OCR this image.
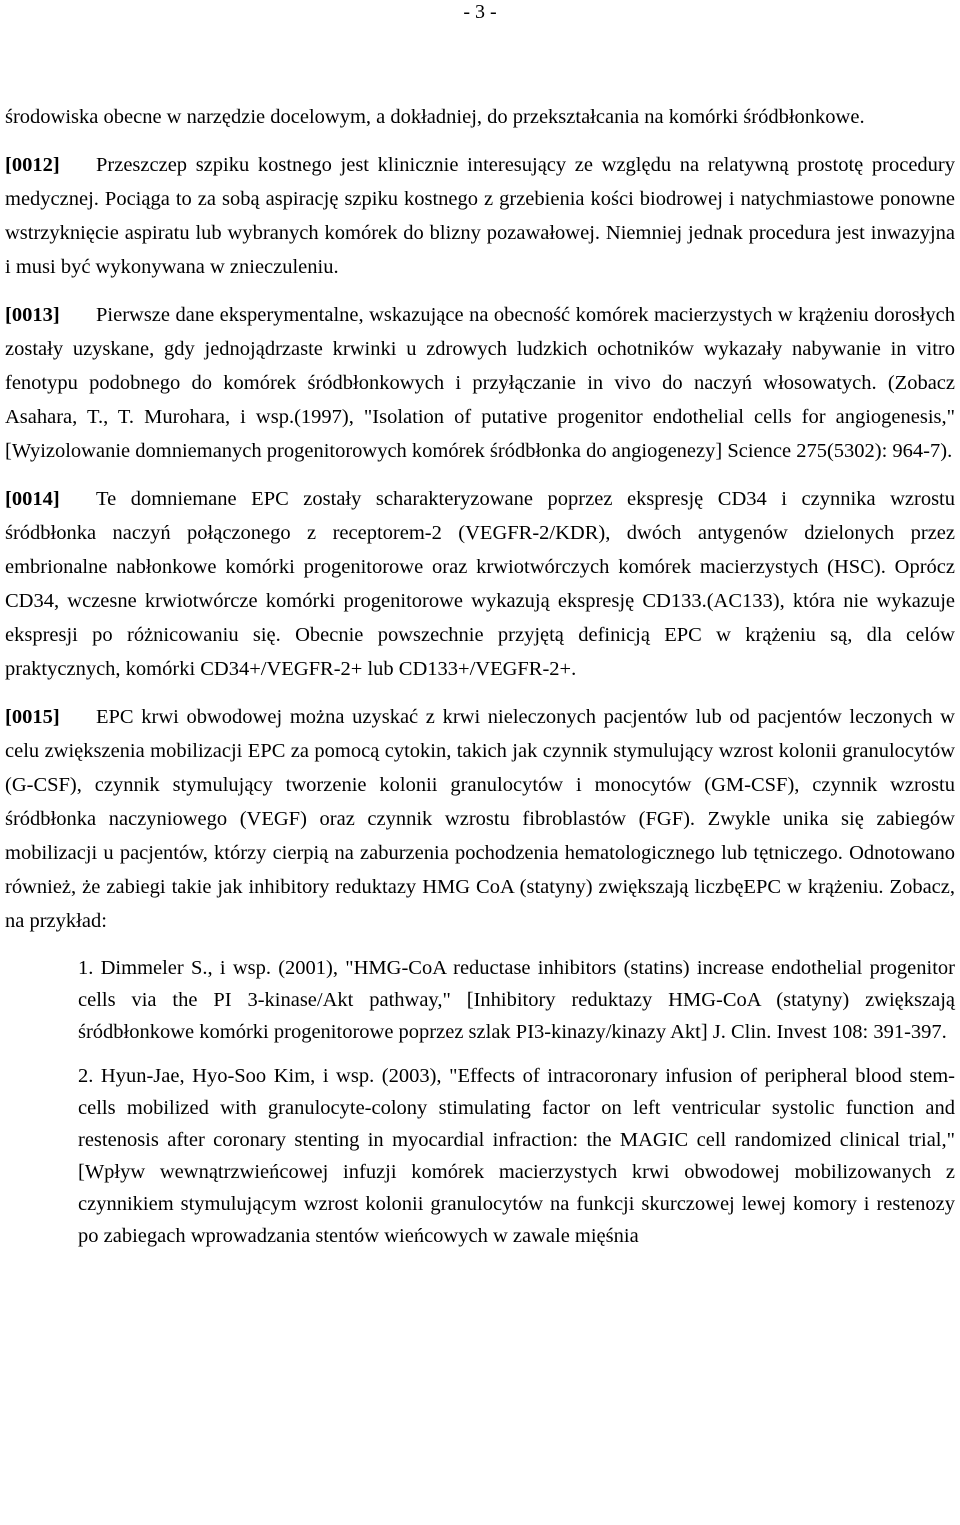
- 3 -

środowiska obecne w narzędzie docelowym, a dokładniej, do przekształcania na komórki śródbłonkowe.

[0012] Przeszczep szpiku kostnego jest klinicznie interesujący ze względu na relatywną prostotę procedury medycznej. Pociąga to za sobą aspirację szpiku kostnego z grzebienia kości biodrowej i natychmiastowe ponowne wstrzyknięcie aspiratu lub wybranych komórek do blizny pozawałowej. Niemniej jednak procedura jest inwazyjna i musi być wykonywana w znieczuleniu.

[0013] Pierwsze dane eksperymentalne, wskazujące na obecność komórek macierzystych w krążeniu dorosłych zostały uzyskane, gdy jednojądrzaste krwinki u zdrowych ludzkich ochotników wykazały nabywanie in vitro fenotypu podobnego do komórek śródbłonkowych i przyłączanie in vivo do naczyń włosowatych. (Zobacz Asahara, T., T. Murohara, i wsp.(1997), "Isolation of putative progenitor endothelial cells for angiogenesis," [Wyizolowanie domniemanych progenitorowych komórek śródbłonka do angiogenezy] Science 275(5302): 964-7).

[0014] Te domniemane EPC zostały scharakteryzowane poprzez ekspresję CD34 i czynnika wzrostu śródbłonka naczyń połączonego z receptorem-2 (VEGFR-2/KDR), dwóch antygenów dzielonych przez embrionalne nabłonkowe komórki progenitorowe oraz krwiotwórczych komórek macierzystych (HSC). Oprócz CD34, wczesne krwiotwórcze komórki progenitorowe wykazują ekspresję CD133.(AC133), która nie wykazuje ekspresji po różnicowaniu się. Obecnie powszechnie przyjętą definicją EPC w krążeniu są, dla celów praktycznych, komórki CD34+/VEGFR-2+ lub CD133+/VEGFR-2+.

[0015] EPC krwi obwodowej można uzyskać z krwi nieleczonych pacjentów lub od pacjentów leczonych w celu zwiększenia mobilizacji EPC za pomocą cytokin, takich jak czynnik stymulujący wzrost kolonii granulocytów (G-CSF), czynnik stymulujący tworzenie kolonii granulocytów i monocytów (GM-CSF), czynnik wzrostu śródbłonka naczyniowego (VEGF) oraz czynnik wzrostu fibroblastów (FGF). Zwykle unika się zabiegów mobilizacji u pacjentów, którzy cierpią na zaburzenia pochodzenia hematologicznego lub tętniczego. Odnotowano również, że zabiegi takie jak inhibitory reduktazy HMG CoA (statyny) zwiększają liczbęEPC w krążeniu. Zobacz, na przykład:

1. Dimmeler S., i wsp. (2001), "HMG-CoA reductase inhibitors (statins) increase endothelial progenitor cells via the PI 3-kinase/Akt pathway," [Inhibitory reduktazy HMG-CoA (statyny) zwiększają śródbłonkowe komórki progenitorowe poprzez szlak PI3-kinazy/kinazy Akt] J. Clin. Invest 108: 391-397.
2. Hyun-Jae, Hyo-Soo Kim, i wsp. (2003), "Effects of intracoronary infusion of peripheral blood stem-cells mobilized with granulocyte-colony stimulating factor on left ventricular systolic function and restenosis after coronary stenting in myocardial infraction: the MAGIC cell randomized clinical trial," [Wpływ wewnątrzwieńcowej infuzji komórek macierzystych krwi obwodowej mobilizowanych z czynnikiem stymulującym wzrost kolonii granulocytów na funkcji skurczowej lewej komory i restenozy po zabiegach wprowadzania stentów wieńcowych w zawale mięśnia
